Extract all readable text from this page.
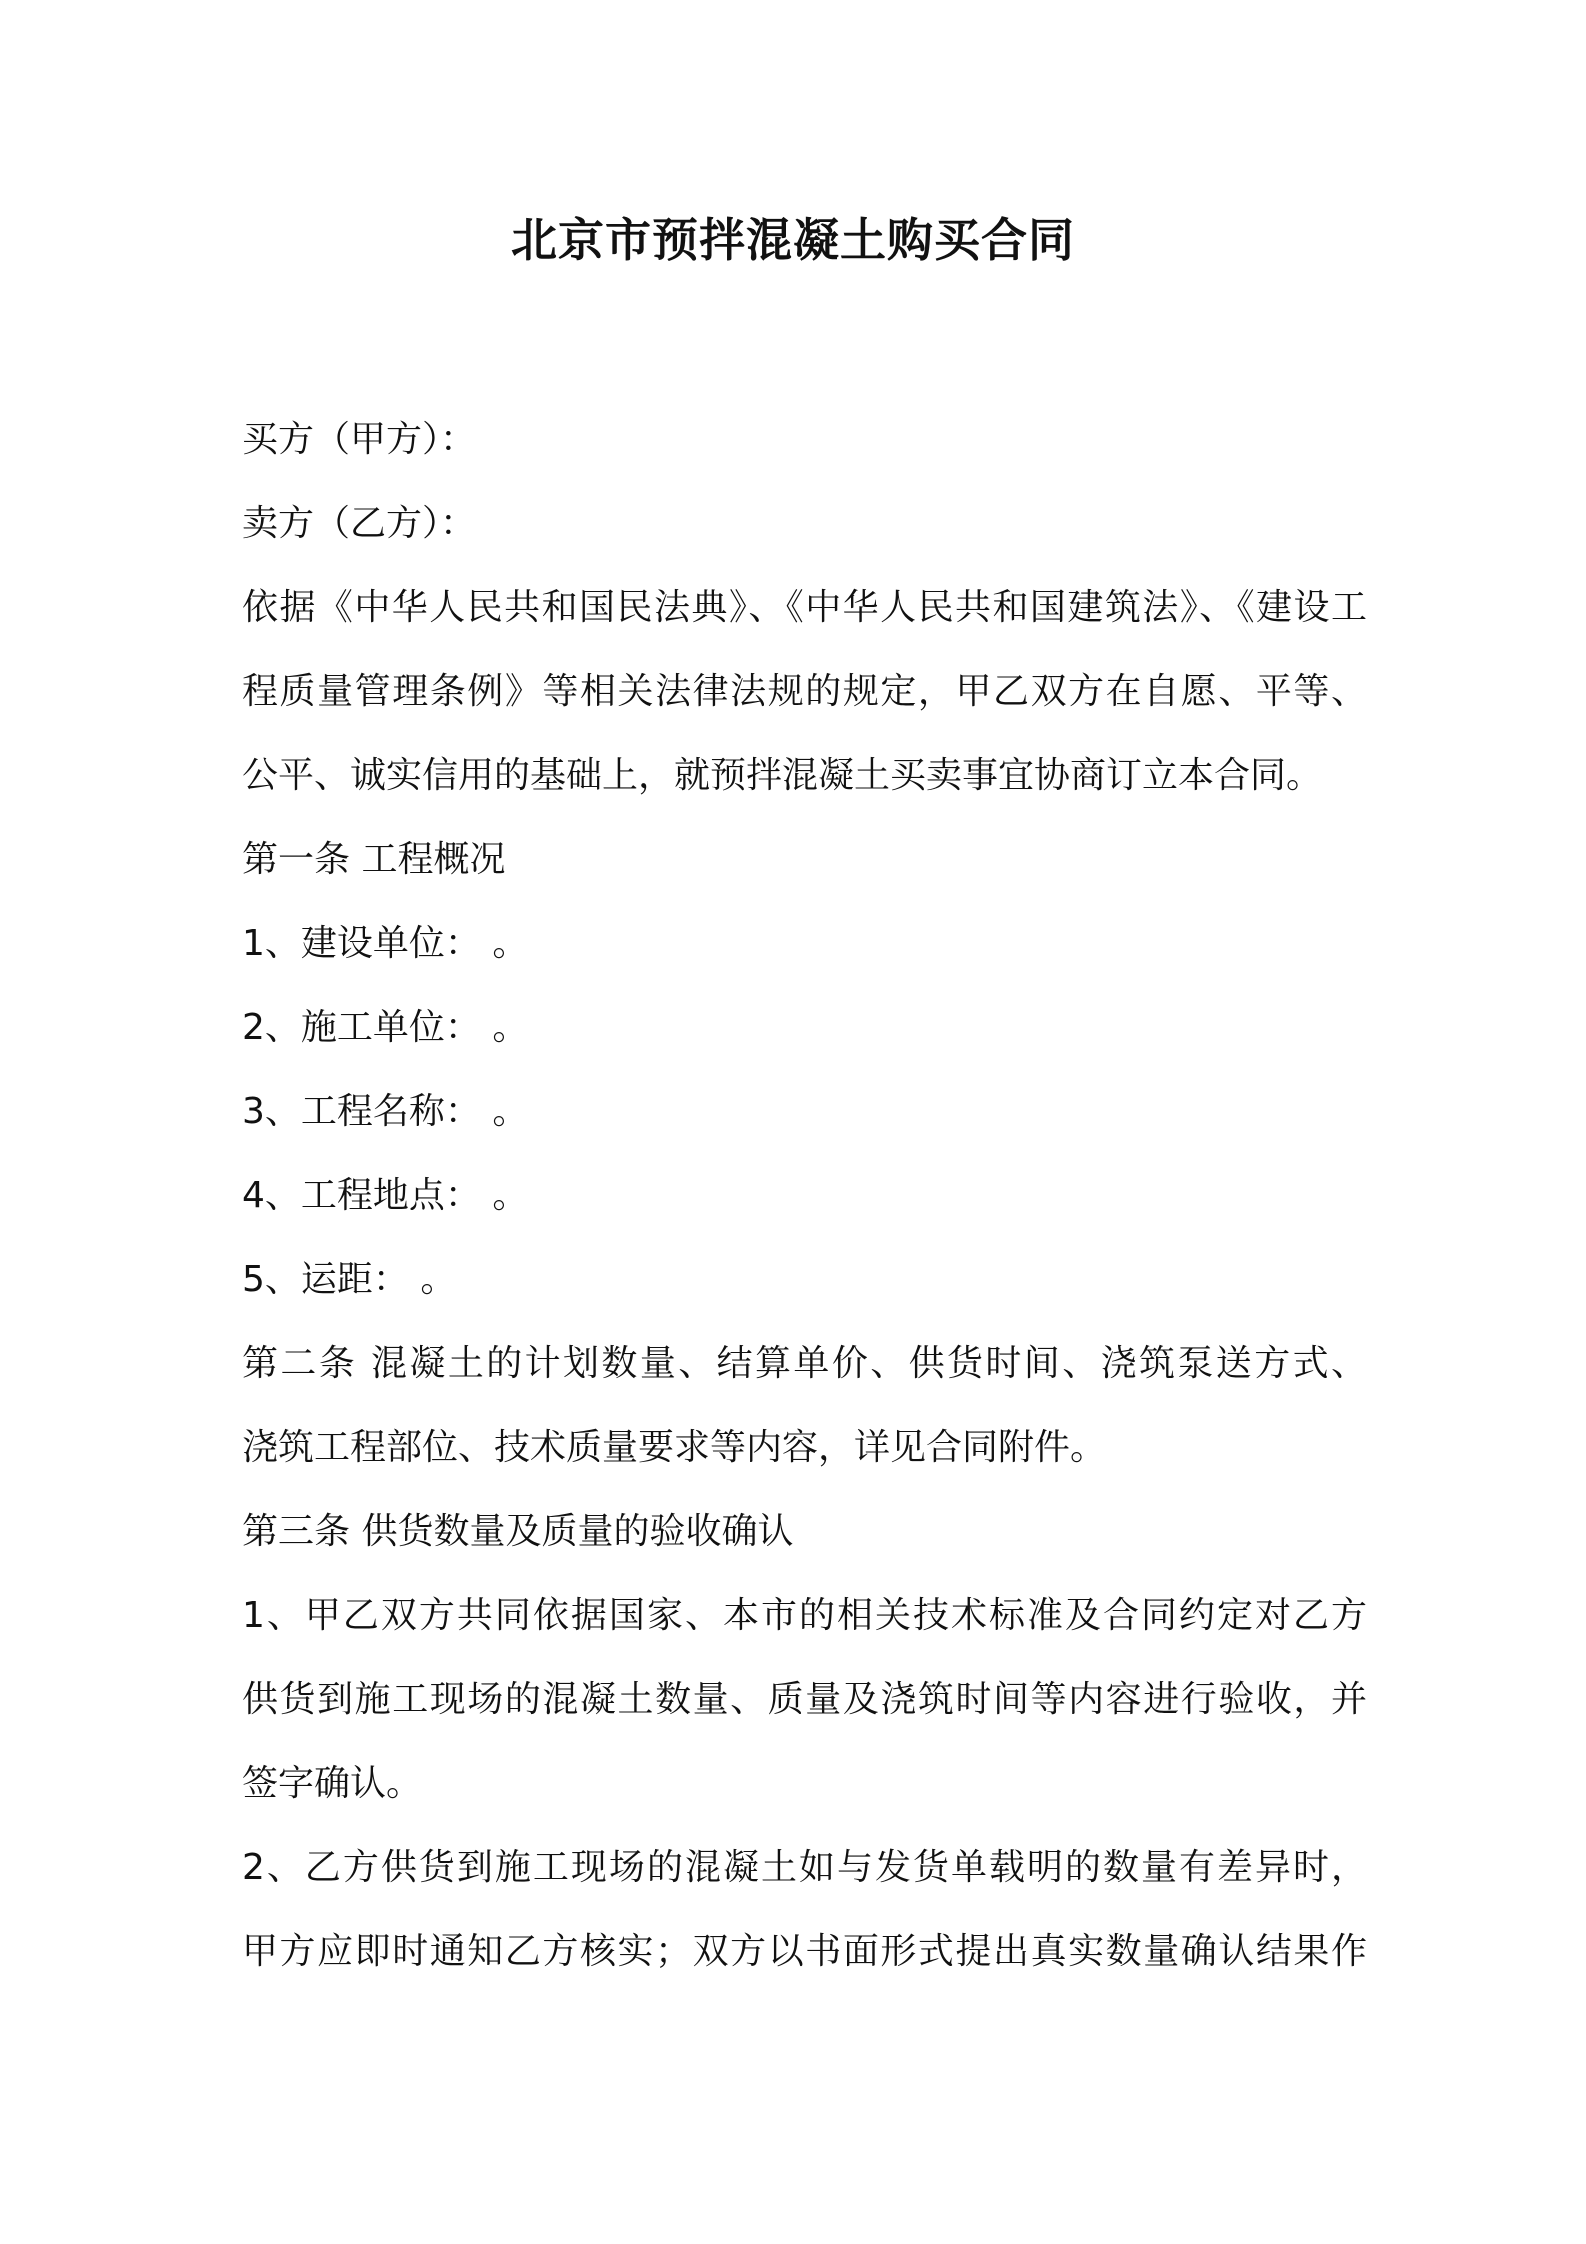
北京市预拌混凝土购买合同

买方（甲方）：

卖方（乙方）：

依据《中华人民共和国民法典》、《中华人民共和国建筑法》、《建设工

程质量管理条例》等相关法律法规的规定，甲乙双方在自愿、平等、

公平、诚实信用的基础上，就预拌混凝土买卖事宜协商订立本合同。

第一条 工程概况

1、建设单位： 。

2、施工单位： 。

3、工程名称： 。

4、工程地点： 。

5、运距： 。

第二条 混凝土的计划数量、结算单价、供货时间、浇筑泵送方式、

浇筑工程部位、技术质量要求等内容，详见合同附件。

第三条 供货数量及质量的验收确认

1、甲乙双方共同依据国家、本市的相关技术标准及合同约定对乙方

供货到施工现场的混凝土数量、质量及浇筑时间等内容进行验收，并

签字确认。

2、乙方供货到施工现场的混凝土如与发货单载明的数量有差异时，

甲方应即时通知乙方核实；双方以书面形式提出真实数量确认结果作
